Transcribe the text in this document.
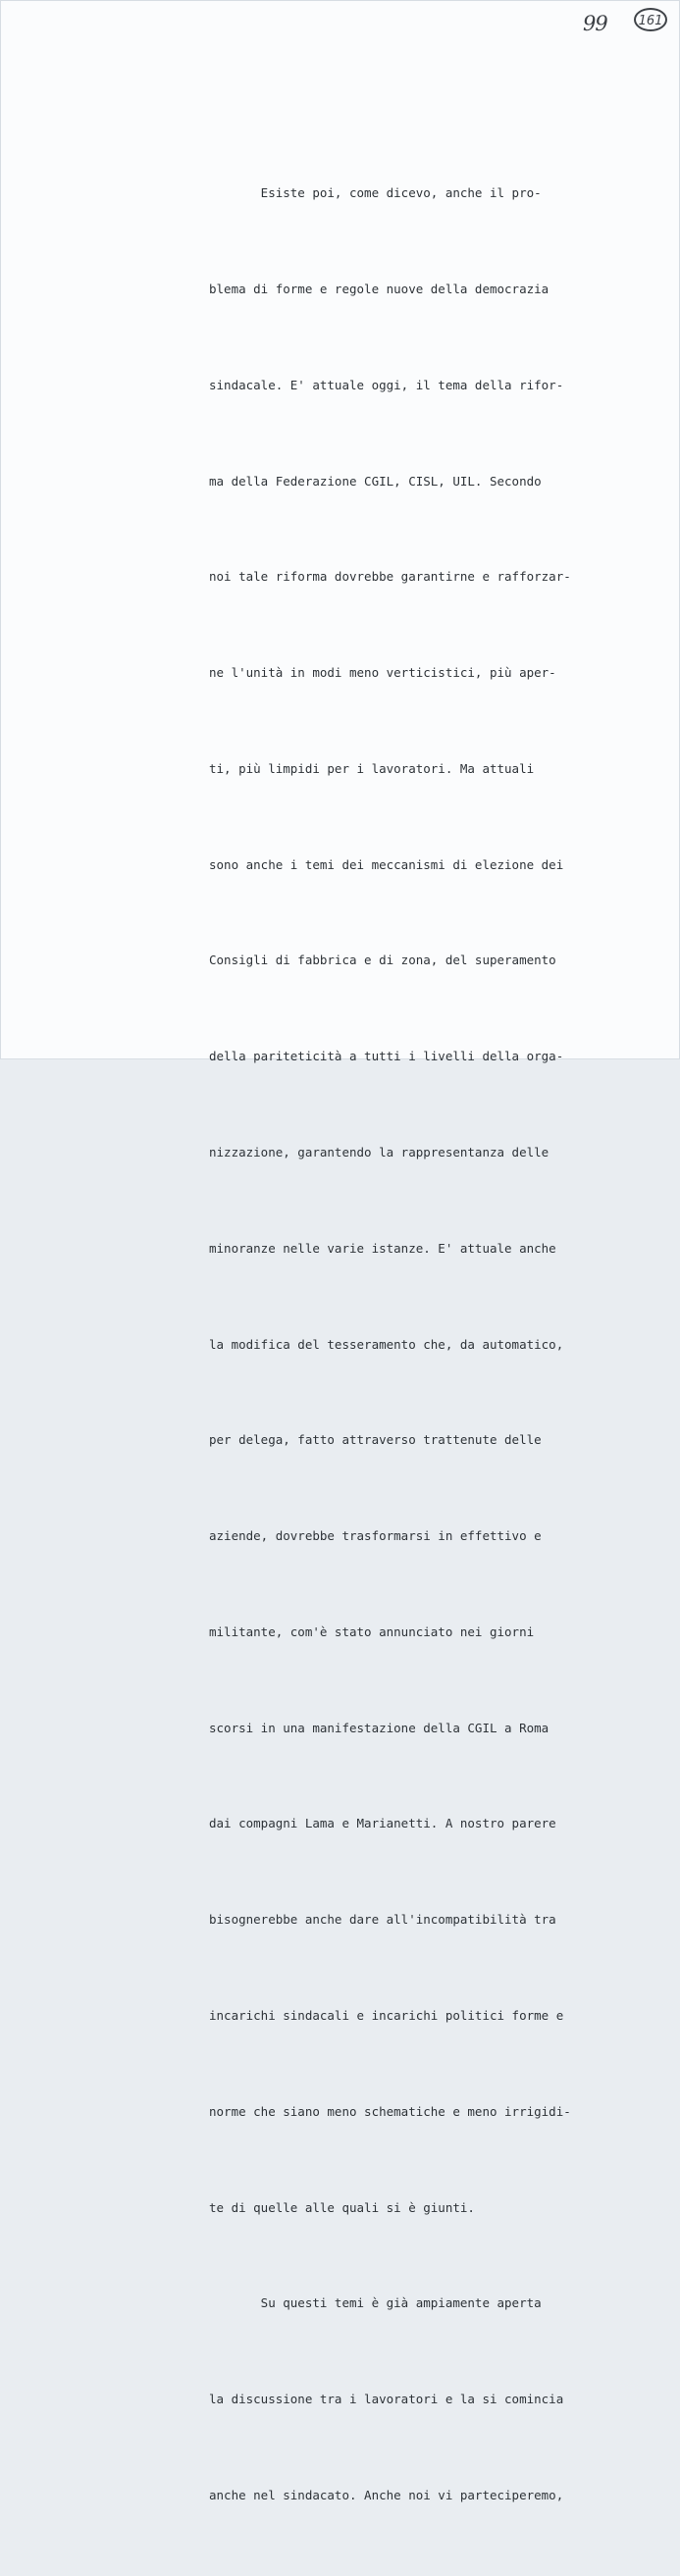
99	161

Esiste poi, come dicevo, anche il pro-

blema di forme e regole nuove della democrazia

sindacale. E' attuale oggi, il tema della rifor-

ma della Federazione CGIL, CISL, UIL. Secondo

noi tale riforma dovrebbe garantirne e rafforzar-

ne l'unità in modi meno verticistici, più aper-

ti, più limpidi per i lavoratori. Ma attuali

sono anche i temi dei meccanismi di elezione dei

Consigli di fabbrica e di zona, del superamento

della pariteticità a tutti i livelli della orga-

nizzazione, garantendo la rappresentanza delle

minoranze nelle varie istanze. E' attuale anche

la modifica del tesseramento che, da automatico,

per delega, fatto attraverso trattenute delle

aziende, dovrebbe trasformarsi in effettivo e

militante, com'è stato annunciato nei giorni

scorsi in una manifestazione della CGIL a Roma

dai compagni Lama e Marianetti. A nostro parere

bisognerebbe anche dare all'incompatibilità tra

incarichi sindacali e incarichi politici forme e

norme che siano meno schematiche e meno irrigidi-

te di quelle alle quali si è giunti.

Su questi temi è già ampiamente aperta

la discussione tra i lavoratori e la si comincia

anche nel sindacato. Anche noi vi parteciperemo,
